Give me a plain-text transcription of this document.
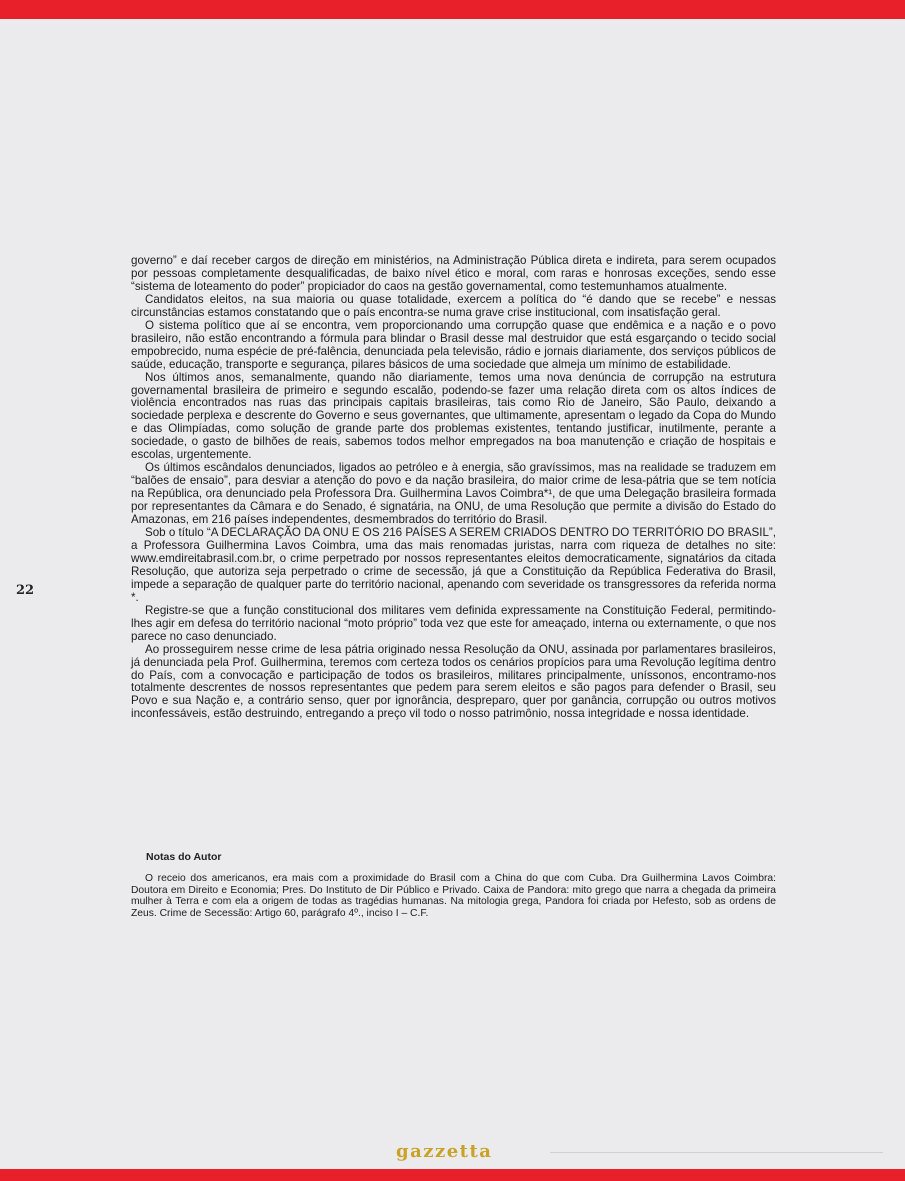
22

governo” e daí receber cargos de direção em ministérios, na Administração Pública direta e indireta, para serem ocupados por pessoas completamente desqualificadas, de baixo nível ético e moral, com raras e honrosas exceções, sendo esse “sistema de loteamento do poder” propiciador do caos na gestão governamental, como testemunhamos atualmente.

Candidatos eleitos, na sua maioria ou quase totalidade, exercem a política do “é dando que se recebe” e nessas circunstâncias estamos constatando que o país encontra-se numa grave crise institucional, com insatisfação geral.

O sistema político que aí se encontra, vem proporcionando uma corrupção quase que endêmica e a nação e o povo brasileiro, não estão encontrando a fórmula para blindar o Brasil desse mal destruidor que está esgarçando o tecido social empobrecido, numa espécie de pré-falência, denunciada pela televisão, rádio e jornais diariamente, dos serviços públicos de saúde, educação, transporte e segurança, pilares básicos de uma sociedade que almeja um mínimo de estabilidade.

Nos últimos anos, semanalmente, quando não diariamente, temos uma nova denúncia de corrupção na estrutura governamental brasileira de primeiro e segundo escalão, podendo-se fazer uma relação direta com os altos índices de violência encontrados nas ruas das principais capitais brasileiras, tais como Rio de Janeiro, São Paulo, deixando a sociedade perplexa e descrente do Governo e seus governantes, que ultimamente, apresentam o legado da Copa do Mundo e das Olimpíadas, como solução de grande parte dos problemas existentes, tentando justificar, inutilmente, perante a sociedade, o gasto de bilhões de reais, sabemos todos melhor empregados na boa manutenção e criação de hospitais e escolas, urgentemente.

Os últimos escândalos denunciados, ligados ao petróleo e à energia, são gravíssimos, mas na realidade se traduzem em “balões de ensaio”, para desviar a atenção do povo e da nação brasileira, do maior crime de lesa-pátria que se tem notícia na República, ora denunciado pela Professora Dra. Guilhermina Lavos Coimbra*¹, de que uma Delegação brasileira formada por representantes da Câmara e do Senado, é signatária, na ONU, de uma Resolução que permite a divisão do Estado do Amazonas, em 216 países independentes, desmembrados do território do Brasil.

Sob o título “A DECLARAÇÃO DA ONU E OS 216 PAÍSES A SEREM CRIADOS DENTRO DO TERRITÓRIO DO BRASIL”, a Professora Guilhermina Lavos Coimbra, uma das mais renomadas juristas, narra com riqueza de detalhes no site: www.emdireitabrasil.com.br, o crime perpetrado por nossos representantes eleitos democraticamente, signatários da citada Resolução, que autoriza seja perpetrado o crime de secessão, já que a Constituição da República Federativa do Brasil, impede a separação de qualquer parte do território nacional, apenando com severidade os transgressores da referida norma *.

Registre-se que a função constitucional dos militares vem definida expressamente na Constituição Federal, permitindo-lhes agir em defesa do território nacional “moto próprio” toda vez que este for ameaçado, interna ou externamente, o que nos parece no caso denunciado.

Ao prosseguirem nesse crime de lesa pátria originado nessa Resolução da ONU, assinada por parlamentares brasileiros, já denunciada pela Prof. Guilhermina, teremos com certeza todos os cenários propícios para uma Revolução legítima dentro do País, com a convocação e participação de todos os brasileiros, militares principalmente, uníssonos, encontramo-nos totalmente descrentes de nossos representantes que pedem para serem eleitos e são pagos para defender o Brasil, seu Povo e sua Nação e, a contrário senso, quer por ignorância, despreparo, quer por ganância, corrupção ou outros motivos inconfessáveis, estão destruindo, entregando a preço vil todo o nosso patrimônio, nossa integridade e nossa identidade.

Notas do Autor

O receio dos americanos, era mais com a proximidade do Brasil com a China do que com Cuba. Dra Guilhermina Lavos Coimbra: Doutora em Direito e Economia; Pres. Do Instituto de Dir Público e Privado. Caixa de Pandora: mito grego que narra a chegada da primeira mulher à Terra e com ela a origem de todas as tragédias humanas. Na mitologia grega, Pandora foi criada por Hefesto, sob as ordens de Zeus. Crime de Secessão: Artigo 60, parágrafo 4º., inciso I – C.F.

gazzetta
